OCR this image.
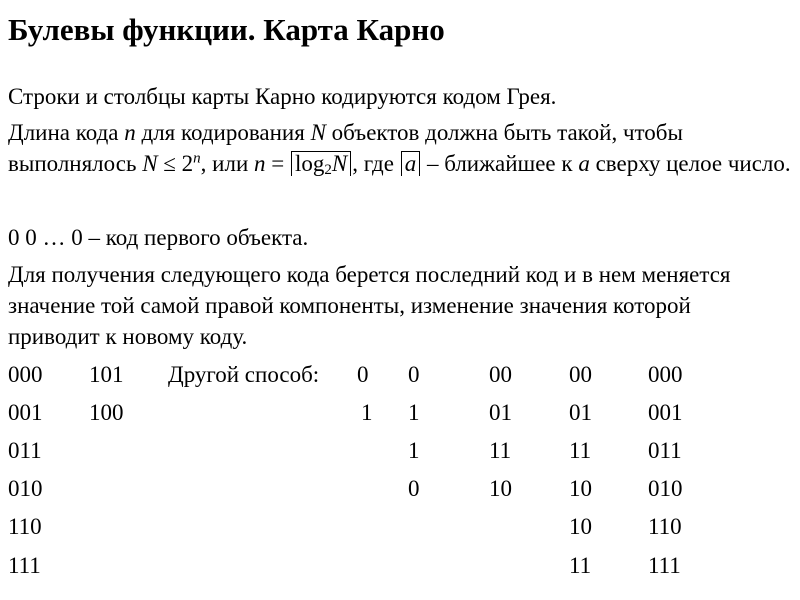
Булевы функции. Карта Карно
Строки и столбцы карты Карно кодируются кодом Грея.
Длина кода n для кодирования N объектов должна быть такой, чтобы выполнялось $N \le 2^n$, или $n = \log_2N$ , где a – ближайшее к a сверху целое число.
0 0 … 0 – код первого объекта.
Для получения следующего кода берется последний код и в нем меняется значение той самой правой компоненты, изменение значения которой приводит к новому коду.
000
001
011
010
110
111
101
100
Другой способ: 0
1
0
1
1
0
00
01
11
10
00
01
11
10
10
11
000
001
011
010
110
111
